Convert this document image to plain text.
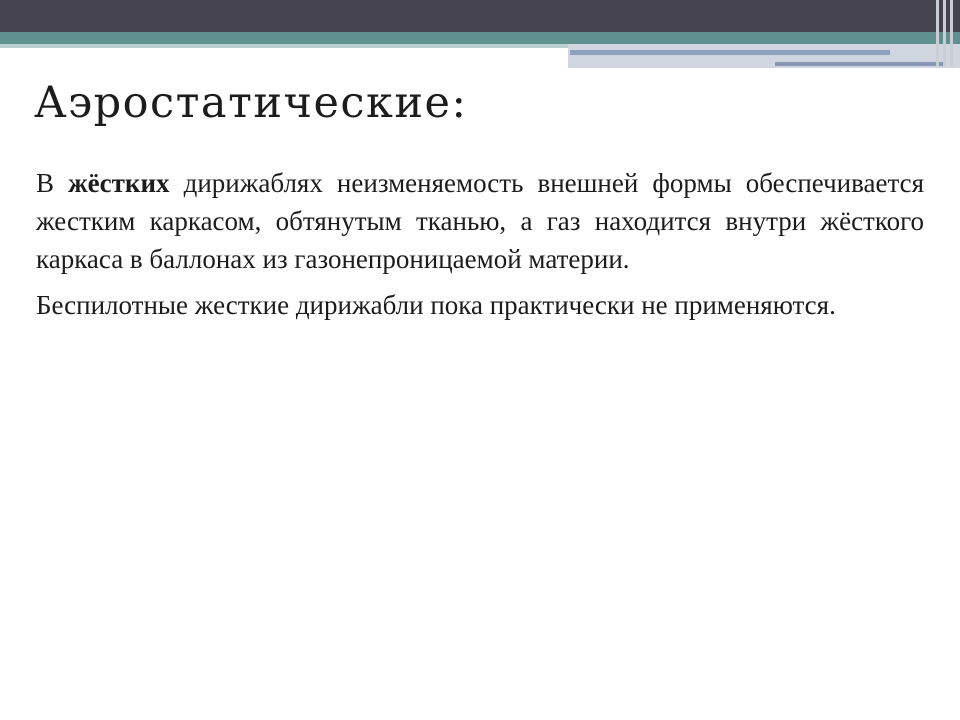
Аэростатические:

В жёстких дирижаблях неизменяемость внешней формы обеспечивается жестким каркасом, обтянутым тканью, а газ находится внутри жёсткого каркаса в баллонах из газонепроницаемой материи.

Беспилотные жесткие дирижабли пока практически не применяются.
